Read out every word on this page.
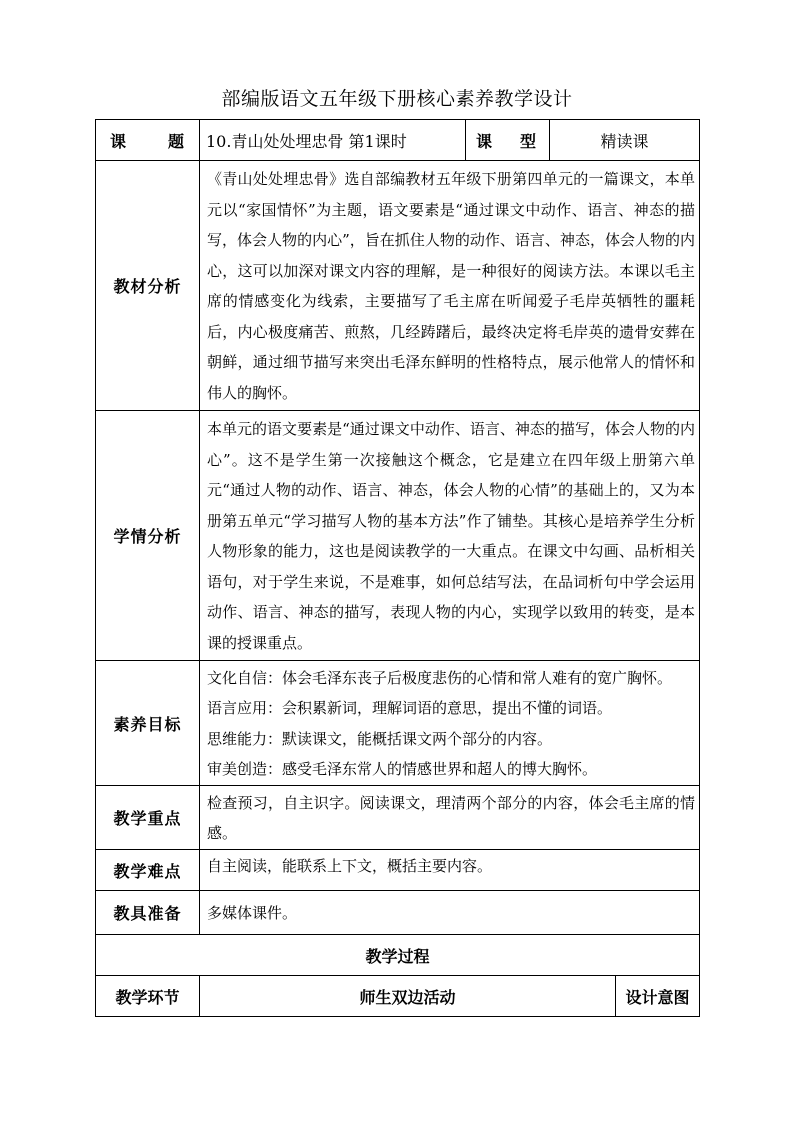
部编版语文五年级下册核心素养教学设计
课 题	10.青山处处埋忠骨 第1课时	课 型	精读课	
教材分析	《青山处处埋忠骨》选自部编教材五年级下册第四单元的一篇课文，本单元以“家国情怀”为主题，语文要素是“通过课文中动作、语言、神态的描写，体会人物的内心”，旨在抓住人物的动作、语言、神态，体会人物的内心，这可以加深对课文内容的理解，是一种很好的阅读方法。本课以毛主席的情感变化为线索，主要描写了毛主席在听闻爱子毛岸英牺牲的噩耗后，内心极度痛苦、煎熬，几经踌躇后，最终决定将毛岸英的遗骨安葬在朝鲜，通过细节描写来突出毛泽东鲜明的性格特点，展示他常人的情怀和伟人的胸怀。			

学情分析	本单元的语文要素是“通过课文中动作、语言、神态的描写，体会人物的内心”。这不是学生第一次接触这个概念，它是建立在四年级上册第六单元“通过人物的动作、语言、神态，体会人物的心情”的基础上的，又为本册第五单元“学习描写人物的基本方法”作了铺垫。其核心是培养学生分析人物形象的能力，这也是阅读教学的一大重点。在课文中勾画、品析相关语句，对于学生来说，不是难事，如何总结写法，在品词析句中学会运用动作、语言、神态的描写，表现人物的内心，实现学以致用的转变，是本课的授课重点。			

素养目标	文化自信：体会毛泽东丧子后极度悲伤的心情和常人难有的宽广胸怀。

语言应用：会积累新词，理解词语的意思，提出不懂的词语。

思维能力：默读课文，能概括课文两个部分的内容。

审美创造：感受毛泽东常人的情感世界和超人的博大胸怀。			

教学重点	检查预习，自主识字。阅读课文，理清两个部分的内容，体会毛主席的情感。			

教学难点	自主阅读，能联系上下文，概括主要内容。			

教具准备	多媒体课件。			

教学过程				
教学环节	师生双边活动			设计意图
